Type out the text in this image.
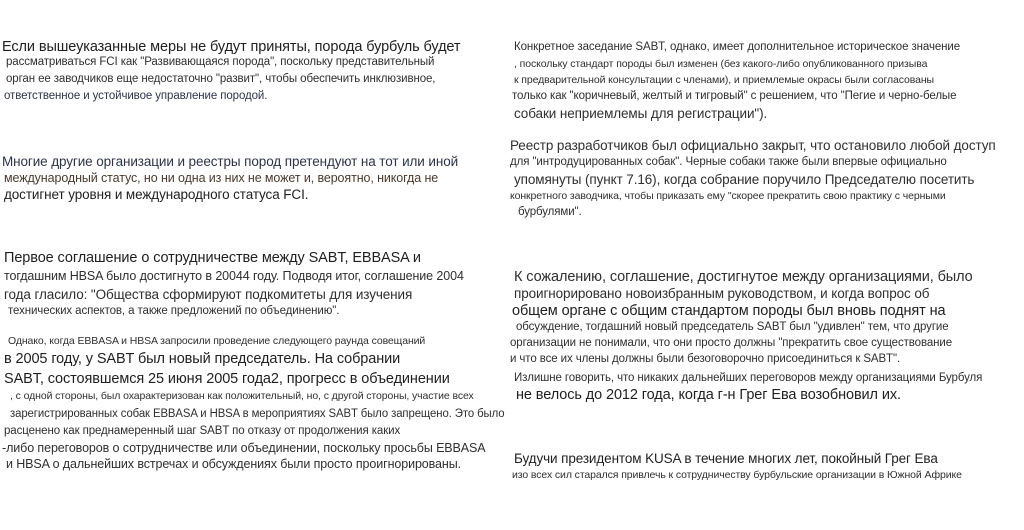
Если вышеуказанные меры не будут приняты, порода бурбуль будет
рассматриваться FCI как "Развивающаяся порода", поскольку представительный
орган ее заводчиков еще недостаточно "развит", чтобы обеспечить инклюзивное,
ответственное и устойчивое управление породой.
Многие другие организации и реестры пород претендуют на тот или иной
международный статус, но ни одна из них не может и, вероятно, никогда не
достигнет уровня и международного статуса FCI.
Первое соглашение о сотрудничестве между SABT, EBBASA и
тогдашним HBSA было достигнуто в 20044 году. Подводя итог, соглашение 2004
года гласило: "Общества сформируют подкомитеты для изучения
технических аспектов, а также предложений по объединению".
Однако, когда EBBASA и HBSA запросили проведение следующего раунда совещаний
в 2005 году, у SABT был новый председатель. На собрании
SABT, состоявшемся 25 июня 2005 года2, прогресс в объединении
, с одной стороны, был охарактеризован как положительный, но, с другой стороны, участие всех
зарегистрированных собак EBBASA и HBSA в мероприятиях SABT было запрещено. Это было
расценено как преднамеренный шаг SABT по отказу от продолжения каких
-либо переговоров о сотрудничестве или объединении, поскольку просьбы EBBASA
и HBSA о дальнейших встречах и обсуждениях были просто проигнорированы.
Конкретное заседание SABT, однако, имеет дополнительное историческое значение
, поскольку стандарт породы был изменен (без какого-либо опубликованного призыва
к предварительной консультации с членами), и приемлемые окрасы были согласованы
только как "коричневый, желтый и тигровый" с решением, что "Пегие и черно-белые
собаки неприемлемы для регистрации").
Реестр разработчиков был официально закрыт, что остановило любой доступ
для "интродуцированных собак". Черные собаки также были впервые официально
упомянуты (пункт 7.16), когда собрание поручило Председателю посетить
конкретного заводчика, чтобы приказать ему "скорее прекратить свою практику с черными
бурбулями".
К сожалению, соглашение, достигнутое между организациями, было
проигнорировано новоизбранным руководством, и когда вопрос об
общем органе с общим стандартом породы был вновь поднят на
обсуждение, тогдашний новый председатель SABT был "удивлен" тем, что другие
организации не понимали, что они просто должны "прекратить свое существование
и что все их члены должны были безоговорочно присоединиться к SABT".
Излишне говорить, что никаких дальнейших переговоров между организациями Бурбуля
не велось до 2012 года, когда г-н Грег Ева возобновил их.
Будучи президентом KUSA в течение многих лет, покойный Грег Ева
изо всех сил старался привлечь к сотрудничеству бурбульские организации в Южной Африке
